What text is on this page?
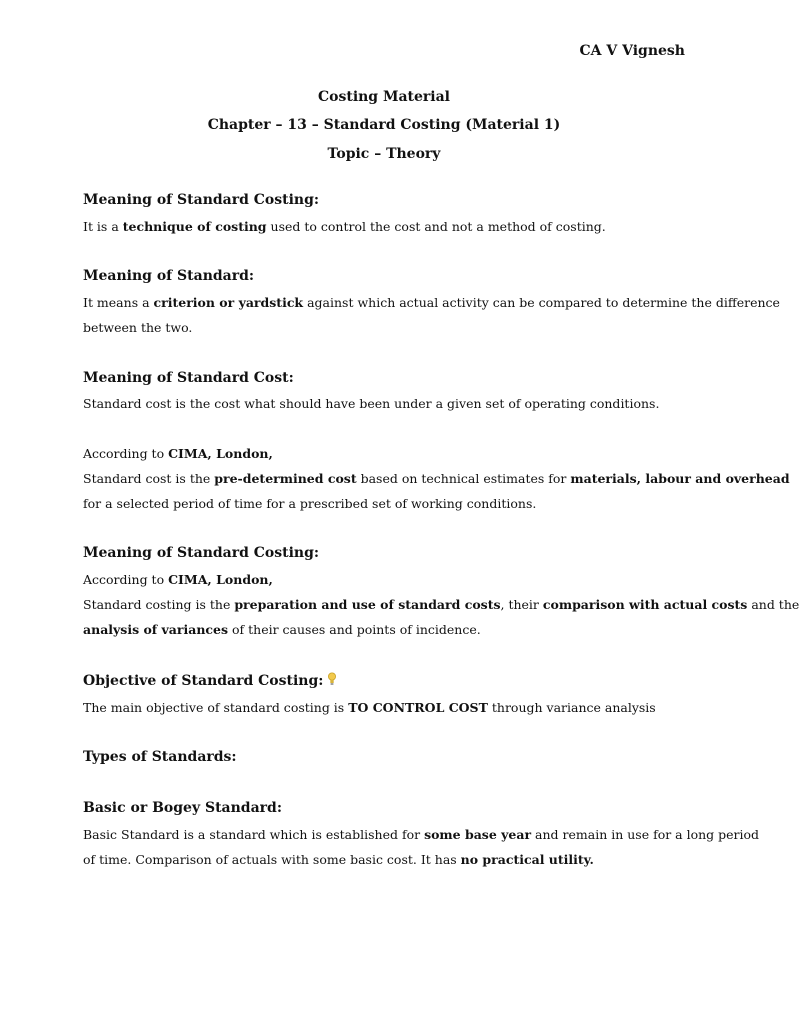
CA V Vignesh
Costing Material
Chapter – 13 – Standard Costing (Material 1)
Topic – Theory
Meaning of Standard Costing:
It is a technique of costing used to control the cost and not a method of costing.
Meaning of Standard:
It means a criterion or yardstick against which actual activity can be compared to determine the difference
between the two.
Meaning of Standard Cost:
Standard cost is the cost what should have been under a given set of operating conditions.
According to CIMA, London,
Standard cost is the pre-determined cost based on technical estimates for materials, labour and overhead
for a selected period of time for a prescribed set of working conditions.
Meaning of Standard Costing:
According to CIMA, London,
Standard costing is the preparation and use of standard costs, their comparison with actual costs and the
analysis of variances of their causes and points of incidence.
Objective of Standard Costing:
The main objective of standard costing is TO CONTROL COST through variance analysis
Types of Standards:
Basic or Bogey Standard:
Basic Standard is a standard which is established for some base year and remain in use for a long period
of time. Comparison of actuals with some basic cost. It has no practical utility.
